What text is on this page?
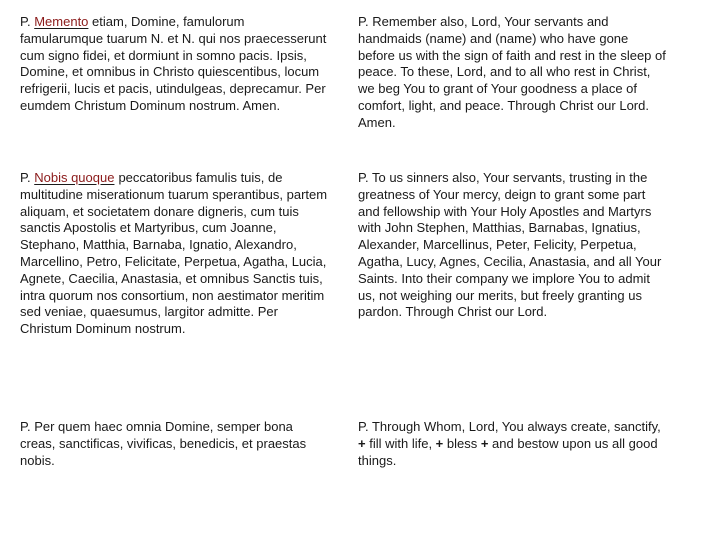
P. Memento etiam, Domine, famulorum
famularumque tuarum N. et N. qui nos praecesserunt
cum signo fidei, et dormiunt in somno pacis. Ipsis,
Domine, et omnibus in Christo quiescentibus, locum
refrigerii, lucis et pacis, utindulgeas, deprecamur. Per
eumdem Christum Dominum nostrum. Amen.
P. Remember also, Lord, Your servants and
handmaids (name) and (name) who have gone
before us with the sign of faith and rest in the sleep of
peace. To these, Lord, and to all who rest in Christ,
we beg You to grant of Your goodness a place of
comfort, light, and peace. Through Christ our Lord.
Amen.
P. Nobis quoque peccatoribus famulis tuis, de
multitudine miserationum tuarum sperantibus, partem
aliquam, et societatem donare digneris, cum tuis
sanctis Apostolis et Martyribus, cum Joanne,
Stephano, Matthia, Barnaba, Ignatio, Alexandro,
Marcellino, Petro, Felicitate, Perpetua, Agatha, Lucia,
Agnete, Caecilia, Anastasia, et omnibus Sanctis tuis,
intra quorum nos consortium, non aestimator meritim
sed veniae, quaesumus, largitor admitte. Per
Christum Dominum nostrum.
P. To us sinners also, Your servants, trusting in the
greatness of Your mercy, deign to grant some part
and fellowship with Your Holy Apostles and Martyrs
with John Stephen, Matthias, Barnabas, Ignatius,
Alexander, Marcellinus, Peter, Felicity, Perpetua,
Agatha, Lucy, Agnes, Cecilia, Anastasia, and all Your
Saints. Into their company we implore You to admit
us, not weighing our merits, but freely granting us
pardon. Through Christ our Lord.
P. Per quem haec omnia Domine, semper bona
creas, sanctificas, vivificas, benedicis, et praestas
nobis.
P. Through Whom, Lord, You always create, sanctify,
+ fill with life, + bless + and bestow upon us all good
things.
